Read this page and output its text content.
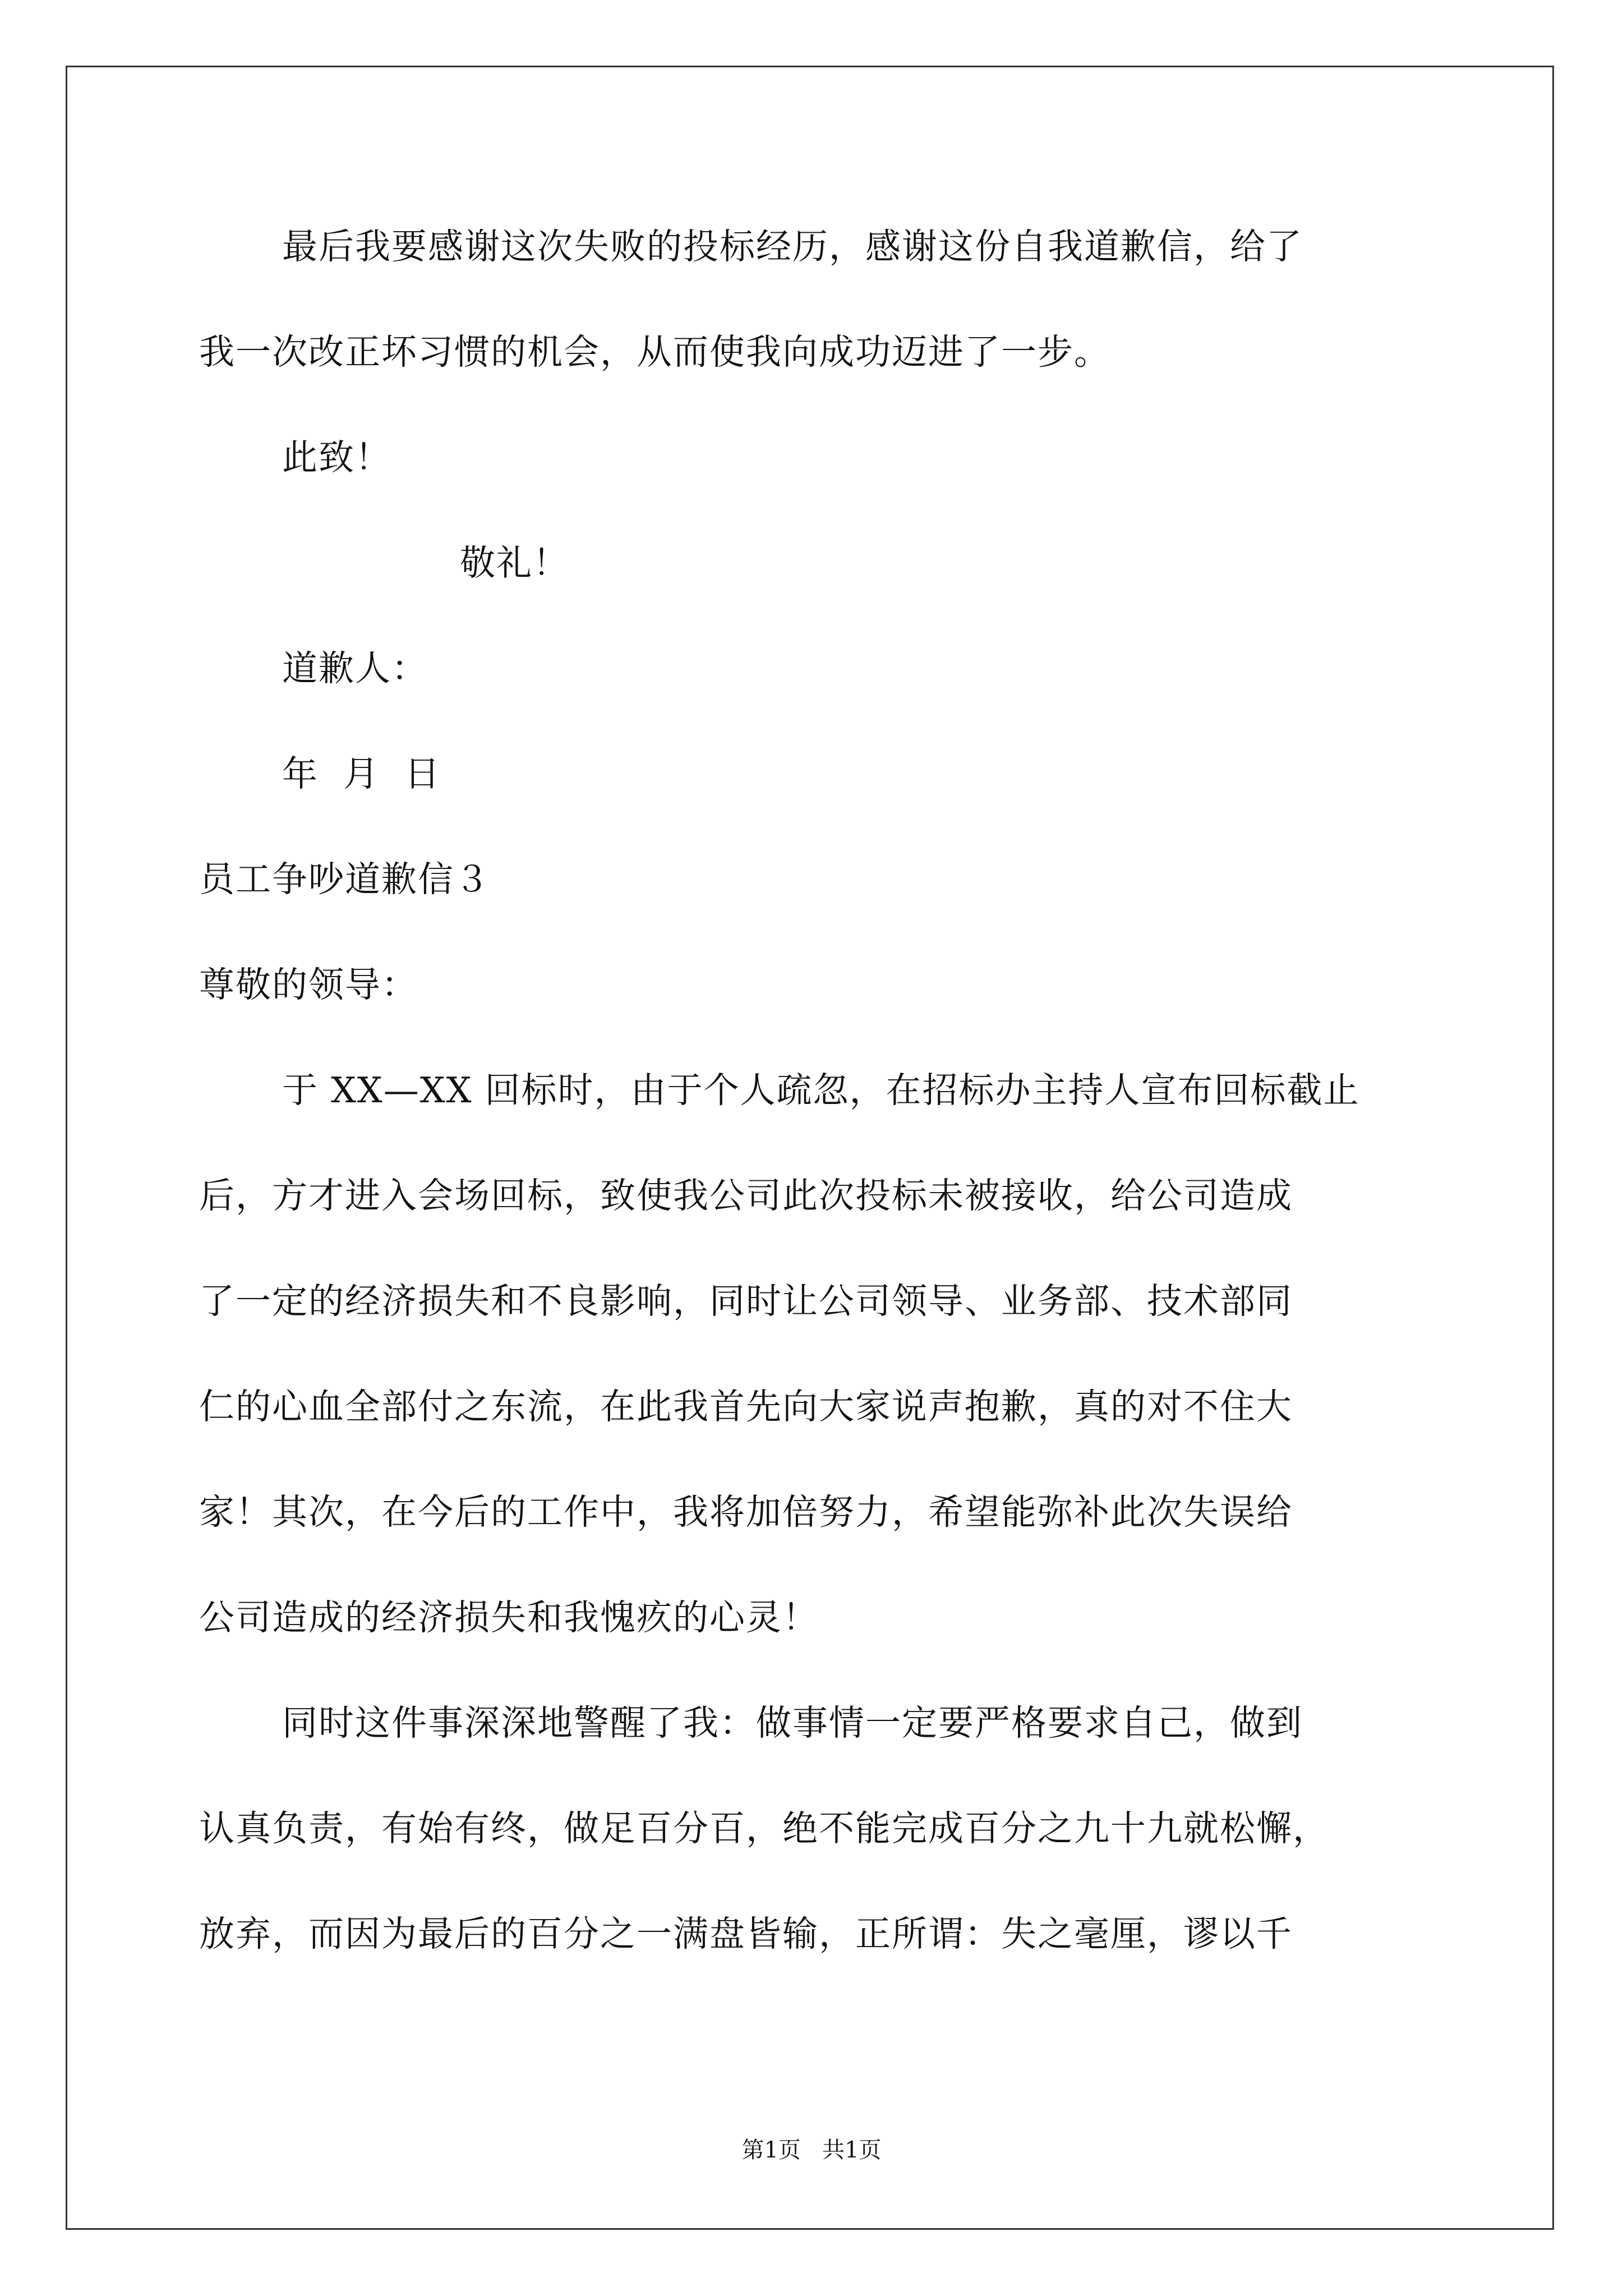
最后我要感谢这次失败的投标经历，感谢这份自我道歉信，给了
我一次改正坏习惯的机会，从而使我向成功迈进了一步。
此致！
敬礼！
道歉人：
年  月  日
员工争吵道歉信３
尊敬的领导：
于 XX—XX 回标时，由于个人疏忽，在招标办主持人宣布回标截止
后，方才进入会场回标，致使我公司此次投标未被接收，给公司造成
了一定的经济损失和不良影响，同时让公司领导、业务部、技术部同
仁的心血全部付之东流，在此我首先向大家说声抱歉，真的对不住大
家！其次，在今后的工作中，我将加倍努力，希望能弥补此次失误给
公司造成的经济损失和我愧疚的心灵！
同时这件事深深地警醒了我：做事情一定要严格要求自己，做到
认真负责，有始有终，做足百分百，绝不能完成百分之九十九就松懈，
放弃，而因为最后的百分之一满盘皆输，正所谓：失之毫厘，谬以千
第1页   共1页
